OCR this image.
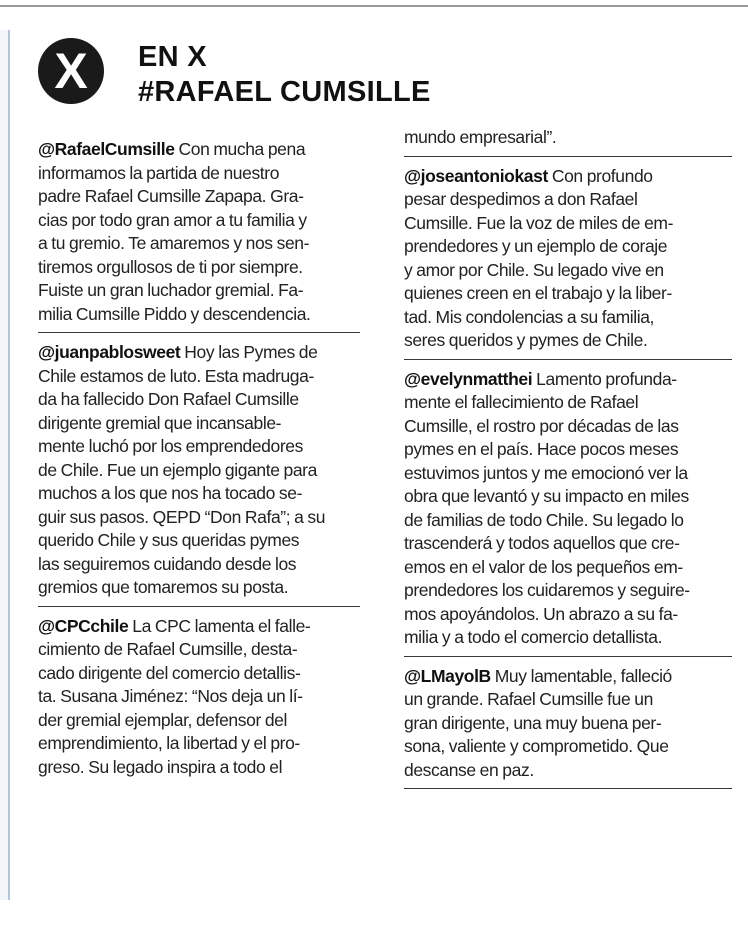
X	EN X
#RAFAEL CUMSILLE
@RafaelCumsille Con mucha pena
informamos la partida de nuestro
padre Rafael Cumsille Zapapa. Gra-
cias por todo gran amor a tu familia y
a tu gremio. Te amaremos y nos sen-
tiremos orgullosos de ti por siempre.
Fuiste un gran luchador gremial. Fa-
milia Cumsille Piddo y descendencia.
@juanpablosweet Hoy las Pymes de
Chile estamos de luto. Esta madruga-
da ha fallecido Don Rafael Cumsille
dirigente gremial que incansable-
mente luchó por los emprendedores
de Chile. Fue un ejemplo gigante para
muchos a los que nos ha tocado se-
guir sus pasos. QEPD “Don Rafa”; a su
querido Chile y sus queridas pymes
las seguiremos cuidando desde los
gremios que tomaremos su posta.
@CPCchile La CPC lamenta el falle-
cimiento de Rafael Cumsille, desta-
cado dirigente del comercio detallis-
ta. Susana Jiménez: “Nos deja un lí-
der gremial ejemplar, defensor del
emprendimiento, la libertad y el pro-
greso. Su legado inspira a todo el
mundo empresarial”.
@joseantoniokast Con profundo
pesar despedimos a don Rafael
Cumsille. Fue la voz de miles de em-
prendedores y un ejemplo de coraje
y amor por Chile. Su legado vive en
quienes creen en el trabajo y la liber-
tad. Mis condolencias a su familia,
seres queridos y pymes de Chile.
@evelynmatthei Lamento profunda-
mente el fallecimiento de Rafael
Cumsille, el rostro por décadas de las
pymes en el país. Hace pocos meses
estuvimos juntos y me emocionó ver la
obra que levantó y su impacto en miles
de familias de todo Chile. Su legado lo
trascenderá y todos aquellos que cre-
emos en el valor de los pequeños em-
prendedores los cuidaremos y seguire-
mos apoyándolos. Un abrazo a su fa-
milia y a todo el comercio detallista.
@LMayolB Muy lamentable, falleció
un grande. Rafael Cumsille fue un
gran dirigente, una muy buena per-
sona, valiente y comprometido. Que
descanse en paz.
